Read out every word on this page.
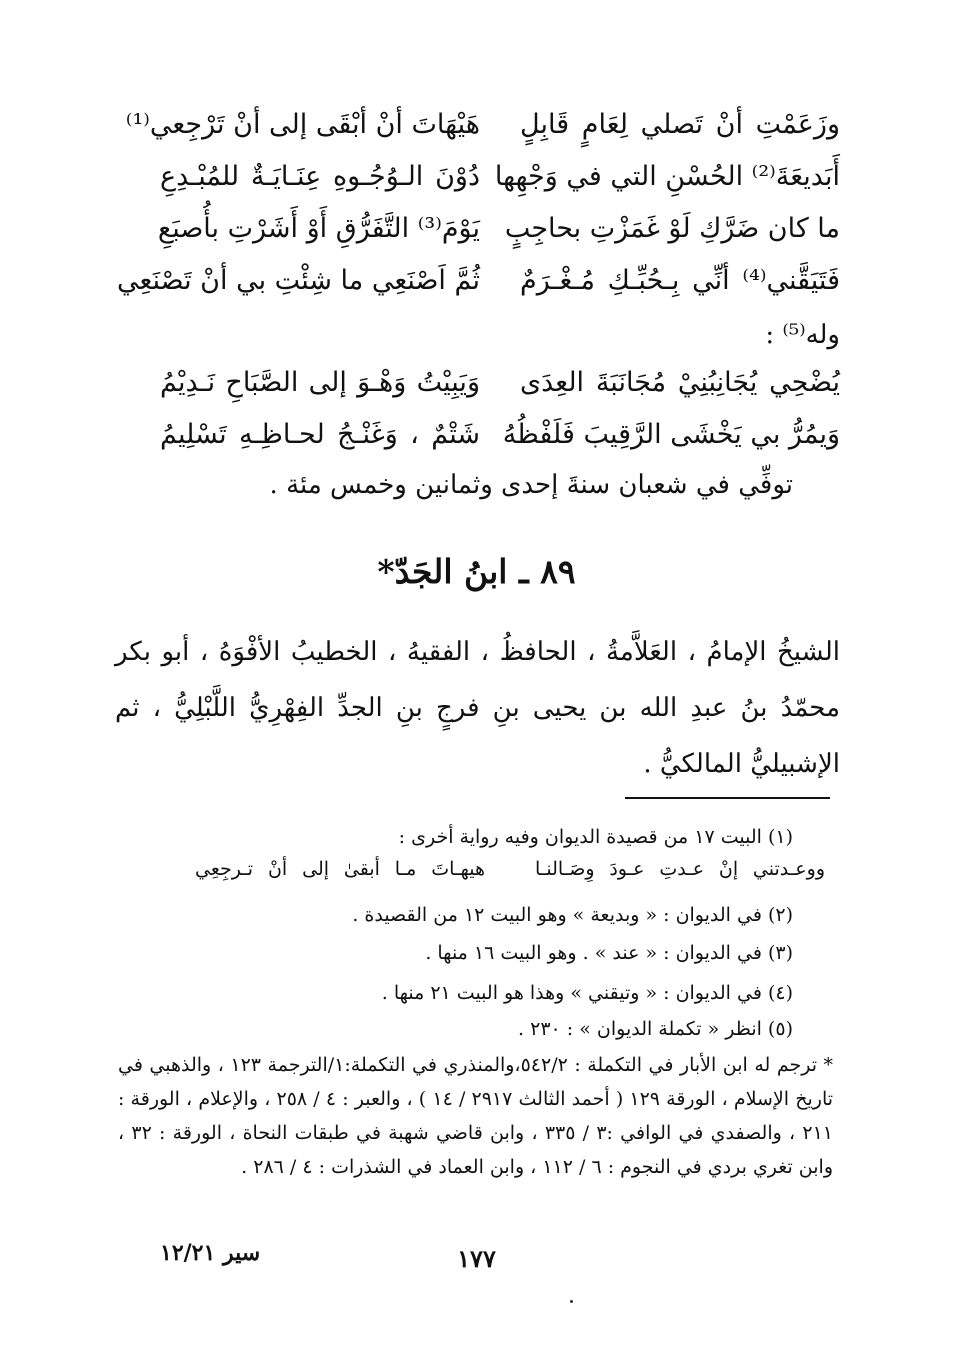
وزَعَمْتِ أنْ تَصلي لِعَامٍ قَابِلٍ
هَيْهَاتَ أنْ أبْقَى إلى أنْ تَرْجِعي⁽¹⁾
أَبَديعَةَ⁽²⁾ الحُسْنِ التي في وَجْهِها
دُوْنَ الـوُجُـوهِ عِنَـايَـةٌ للمُبْـدِعِ
ما كان ضَرَّكِ لَوْ غَمَزْتِ بحاجِبٍ
يَوْمَ⁽³⁾ التَّفَرُّقِ أَوْ أَشَرْتِ بأُصبَعِ
فَتَيَقَّني⁽⁴⁾ أنِّي بِـحُبِّـكِ مُـغْـرَمٌ
ثُمَّ اَصْنَعِي ما شِئْتِ بي أنْ تَصْنَعِي
وله⁽⁵⁾ :
يُضْحِي يُجَانِبُنِيْ مُجَانَبَةَ العِدَى
وَيَبِيْتُ وَهْـوَ إلى الصَّبَاحِ نَـدِيْمُ
وَيمُرُّ بي يَخْشَى الرَّقِيبَ فَلَفْظُهُ
شَتْمٌ ، وَغَنْـجُ لحـاظِـهِ تَسْلِيمُ
توفِّي في شعبان سنةَ إحدى وثمانين وخمس مئة .
٨٩ ـ ابنُ الجَدّ*
الشيخُ الإمامُ ، العَلاَّمةُ ، الحافظُ ، الفقيهُ ، الخطيبُ الأفْوَهُ ، أبو بكر محمّدُ بنُ عبدِ الله بن يحيى بنِ فرجٍ بنِ الجدِّ الفِهْرِيُّ اللَّبْلِيُّ ، ثم الإشبيليُّ المالكيُّ .
(١) البيت ١٧ من قصيدة الديوان وفيه رواية أخرى :
ووعـدتني إنْ عـدتِ عـودَ وِصَـالنـا
هيهـاتَ مـا أبقىٰ إلى أنْ تـرجِعِي
(٢) في الديوان : « وبديعة » وهو البيت ١٢ من القصيدة .
(٣) في الديوان : « عند » . وهو البيت ١٦ منها .
(٤) في الديوان : « وتيقني » وهذا هو البيت ٢١ منها .
(٥) انظر « تكملة الديوان » : ٢٣٠ .
* ترجم له ابن الأبار في التكملة : ٥٤٢/٢،والمنذري في التكملة:١/الترجمة ١٢٣ ، والذهبي في تاريخ الإسلام ، الورقة ١٢٩ ( أحمد الثالث ٢٩١٧ / ١٤ ) ، والعبر : ٤ / ٢٥٨ ، والإعلام ، الورقة : ٢١١ ، والصفدي في الوافي :٣ / ٣٣٥ ، وابن قاضي شهبة في طبقات النحاة ، الورقة : ٣٢ ، وابن تغري بردي في النجوم : ٦ / ١١٢ ، وابن العماد في الشذرات : ٤ / ٢٨٦ .
سير ١٢/٢١	١٧٧
